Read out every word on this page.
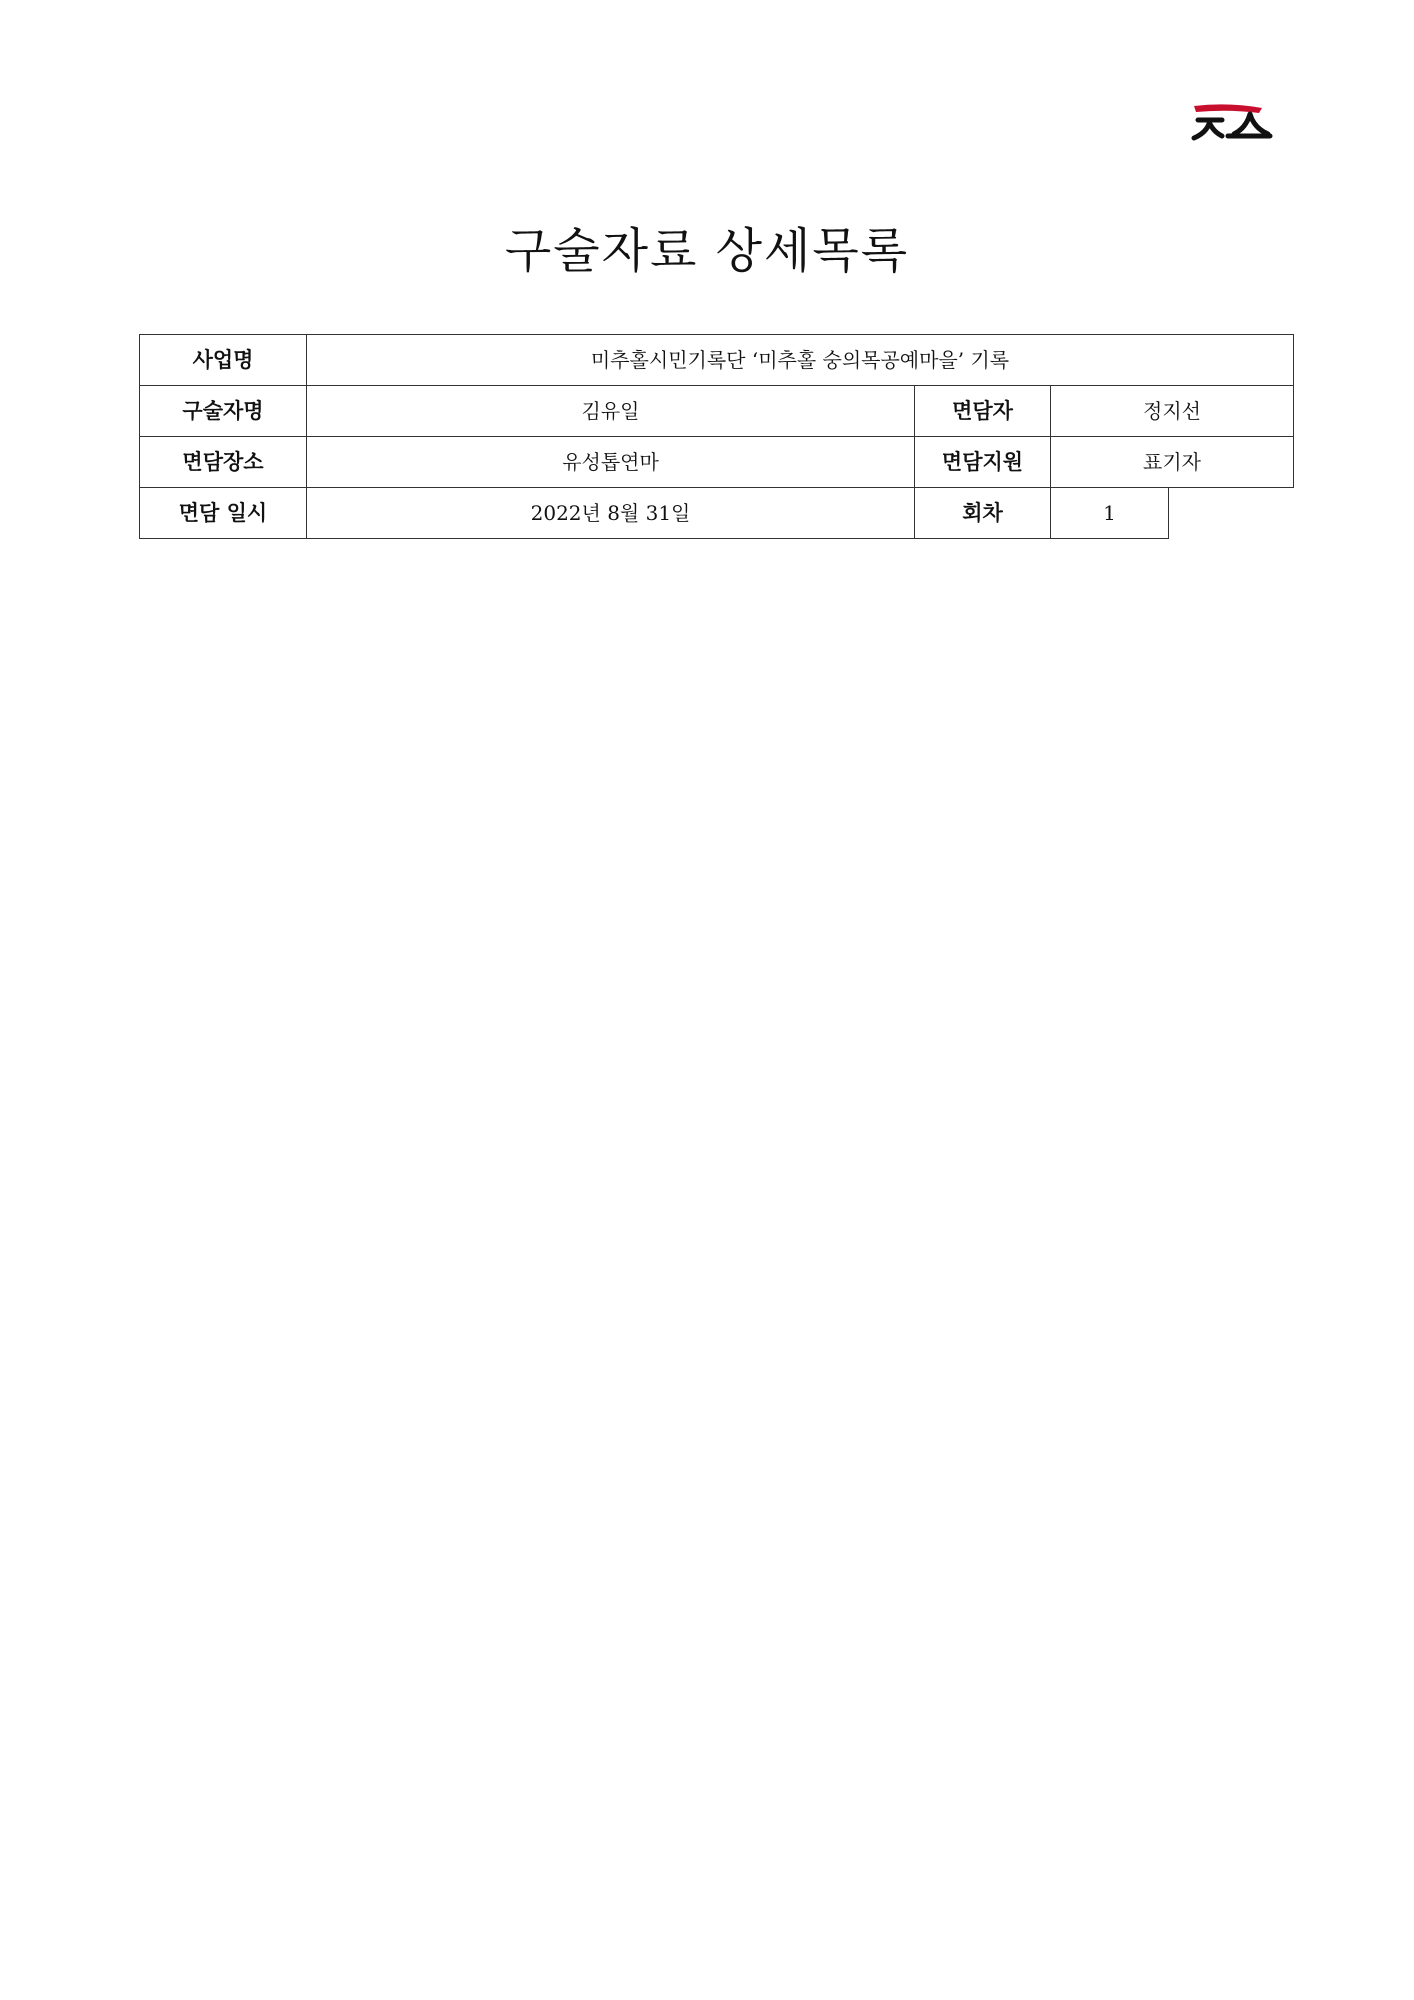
구술자료 상세목록
사업명	미추홀시민기록단 ‘미추홀 숭의목공예마을’ 기록		
구술자명	김유일	면담자	정지선
면담장소	유성톱연마	면담지원	표기자
면담 일시	2022년 8월 31일	회차	1
